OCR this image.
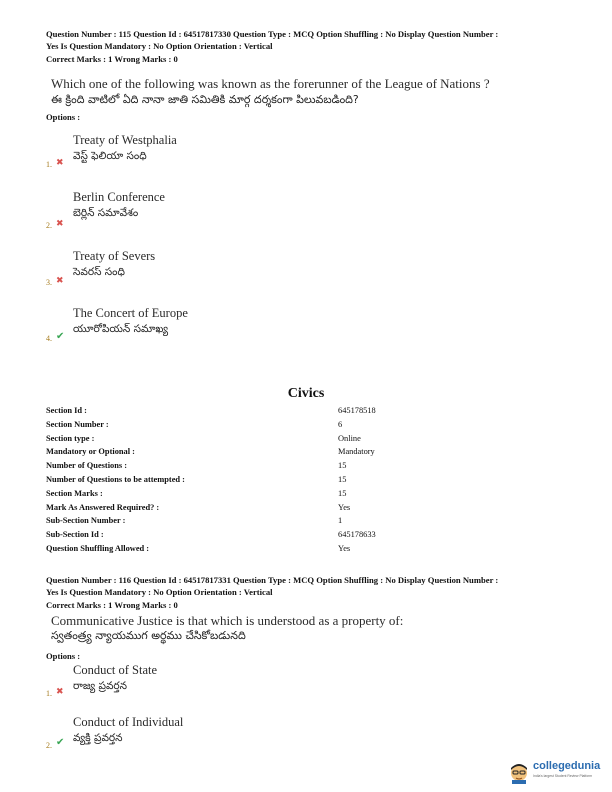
Question Number : 115 Question Id : 64517817330 Question Type : MCQ Option Shuffling : No Display Question Number :
Yes Is Question Mandatory : No Option Orientation : Vertical
Correct Marks : 1 Wrong Marks : 0
Which one of the following was known as the forerunner of the League of Nations ?
ఈ క్రింది వాటిలో ఏది నానా జాతి సమితికి మార్గ దర్శకంగా పిలువబడింది?
Options :
1. ✖
Treaty of Westphalia
వెస్ట్ ఫెలియా సంధి
2. ✖
Berlin Conference
బెర్లిన్ సమావేశం
3. ✖
Treaty of Severs
సెవరస్ సంధి
4. ✔
The Concert of Europe
యూరోపియన్ సమాఖ్య
Civics
Section Id :	645178518
Section Number :	6
Section type :	Online
Mandatory or Optional :	Mandatory
Number of Questions :	15
Number of Questions to be attempted :	15
Section Marks :	15
Mark As Answered Required? :	Yes
Sub-Section Number :	1
Sub-Section Id :	645178633
Question Shuffling Allowed :	Yes
Question Number : 116 Question Id : 64517817331 Question Type : MCQ Option Shuffling : No Display Question Number :
Yes Is Question Mandatory : No Option Orientation : Vertical
Correct Marks : 1 Wrong Marks : 0
Communicative Justice is that which is understood as a property of:
స్వతంత్ర్య న్యాయముగ అర్థము చేసికోబడునది
Options :
1. ✖
Conduct of State
రాజ్య ప్రవర్తన
2. ✔
Conduct of Individual
వ్యక్తి ప్రవర్తన
collegedunia
India's largest Student Review Platform
